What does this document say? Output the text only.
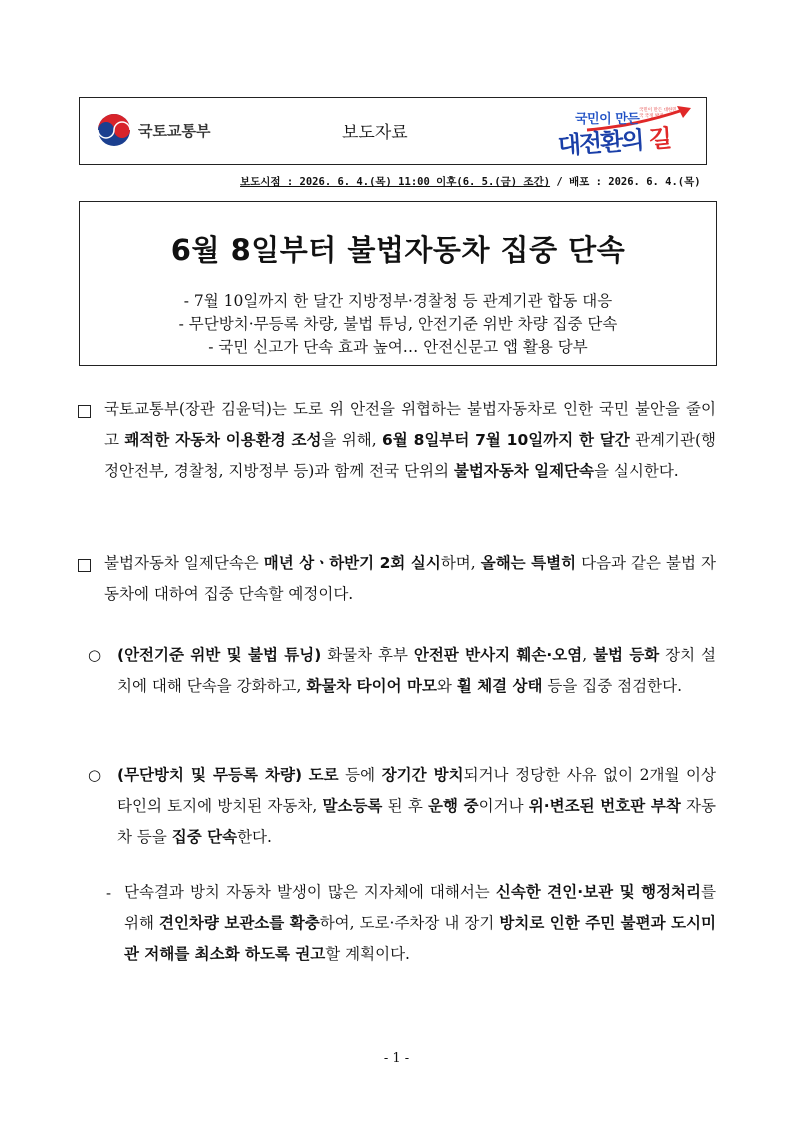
국토교통부	보도자료
국민이 만든
국민이 만든 대한민국 국정 발전
대전환의 길
보도시점 : 2026. 6. 4.(목) 11:00 이후(6. 5.(금) 조간) / 배포 : 2026. 6. 4.(목)
6월 8일부터 불법자동차 집중 단속
- 7월 10일까지 한 달간 지방정부·경찰청 등 관계기관 합동 대응
- 무단방치·무등록 차량, 불법 튜닝, 안전기준 위반 차량 집중 단속
- 국민 신고가 단속 효과 높여… 안전신문고 앱 활용 당부
국토교통부(장관 김윤덕)는 도로 위 안전을 위협하는 불법자동차로 인한 국민 불안을 줄이고 쾌적한 자동차 이용환경 조성을 위해, 6월 8일부터 7월 10일까지 한 달간 관계기관(행정안전부, 경찰청, 지방정부 등)과 함께 전국 단위의 불법자동차 일제단속을 실시한다.
불법자동차 일제단속은 매년 상ㆍ하반기 2회 실시하며, 올해는 특별히 다음과 같은 불법 자동차에 대하여 집중 단속할 예정이다.
○ (안전기준 위반 및 불법 튜닝) 화물차 후부 안전판 반사지 훼손·오염, 불법 등화 장치 설치에 대해 단속을 강화하고, 화물차 타이어 마모와 휠 체결 상태 등을 집중 점검한다.
○ (무단방치 및 무등록 차량) 도로 등에 장기간 방치되거나 정당한 사유 없이 2개월 이상 타인의 토지에 방치된 자동차, 말소등록 된 후 운행 중이거나 위·변조된 번호판 부착 자동차 등을 집중 단속한다.
- 단속결과 방치 자동차 발생이 많은 지자체에 대해서는 신속한 견인·보관 및 행정처리를 위해 견인차량 보관소를 확충하여, 도로·주차장 내 장기 방치로 인한 주민 불편과 도시미관 저해를 최소화 하도록 권고할 계획이다.
- 1 -
